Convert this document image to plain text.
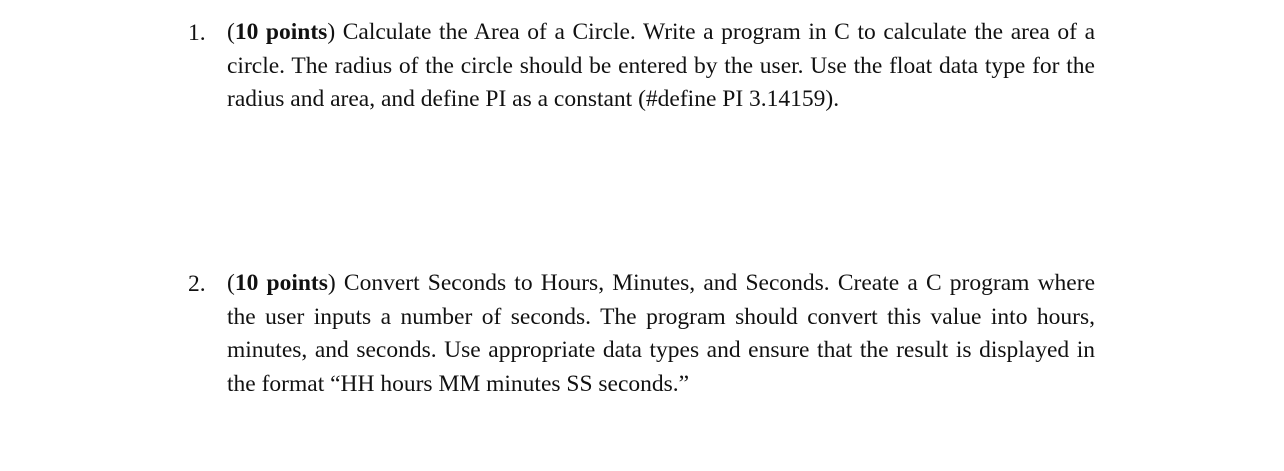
1. (10 points) Calculate the Area of a Circle. Write a program in C to calculate the area of a circle. The radius of the circle should be entered by the user. Use the float data type for the radius and area, and define PI as a constant (#define PI 3.14159).
2. (10 points) Convert Seconds to Hours, Minutes, and Seconds. Create a C program where the user inputs a number of seconds. The program should convert this value into hours, minutes, and seconds. Use appropriate data types and ensure that the result is displayed in the format “HH hours MM minutes SS seconds.”
